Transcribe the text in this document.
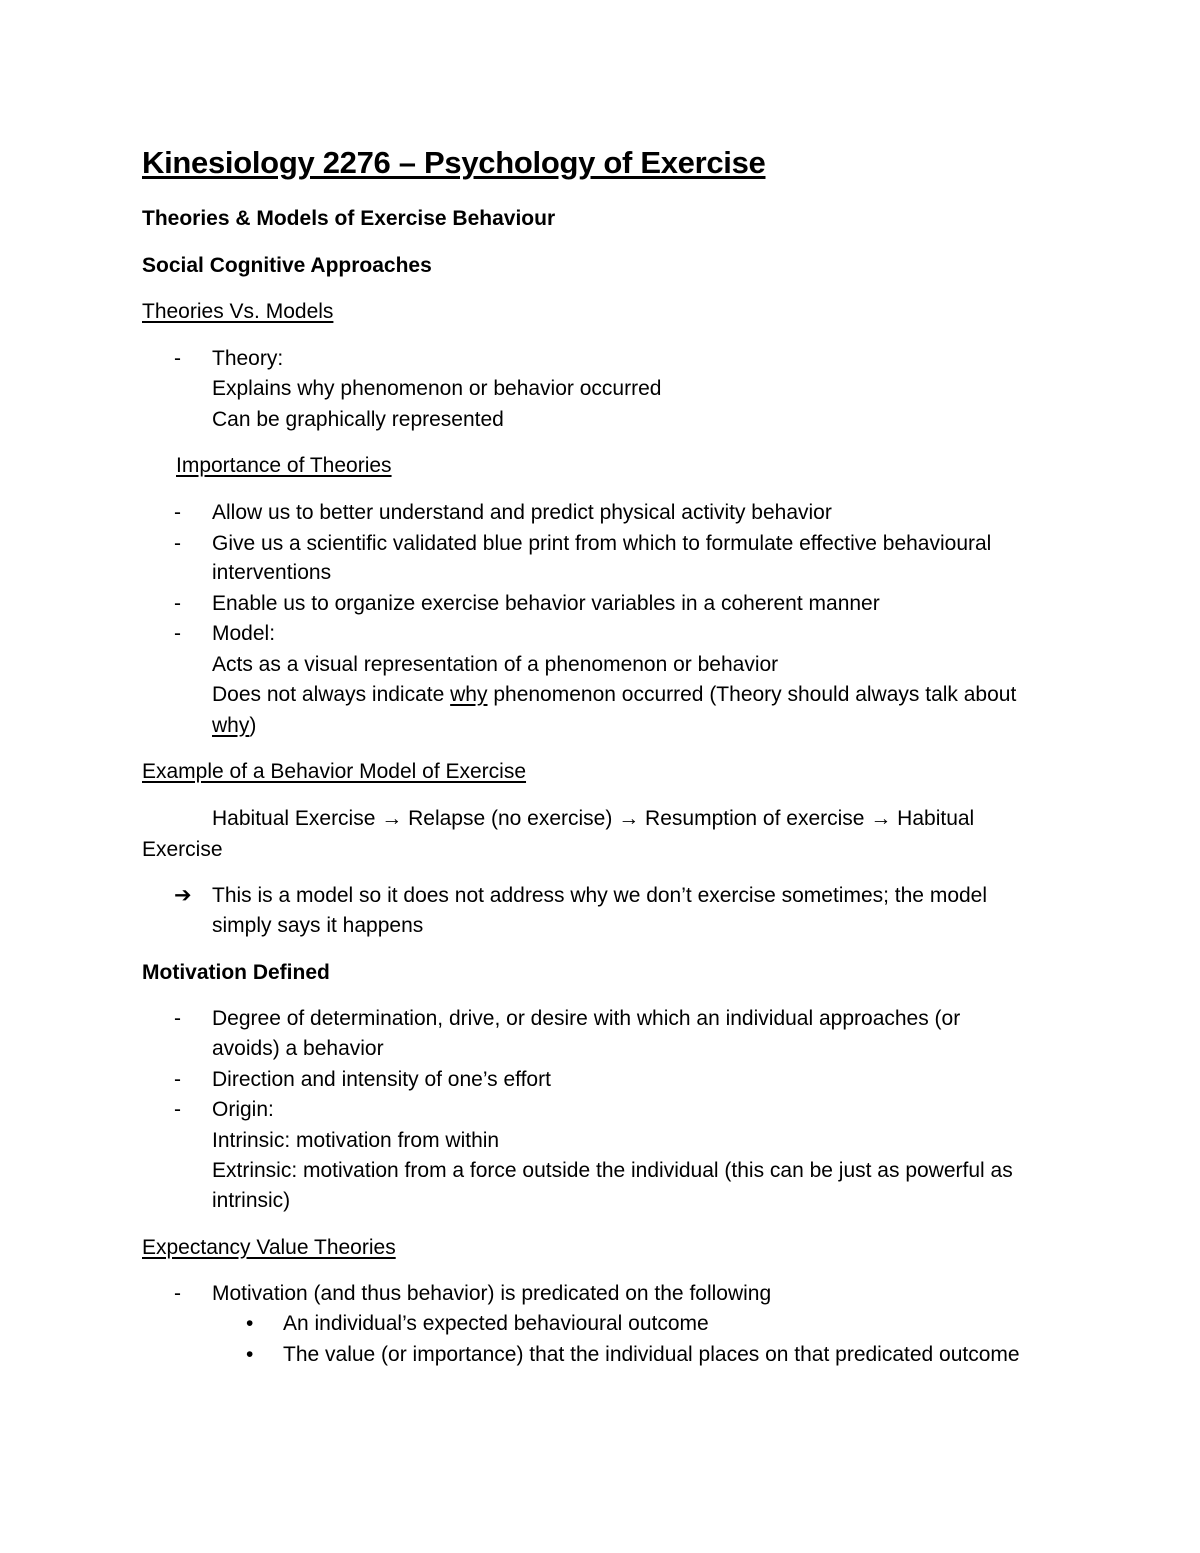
Kinesiology 2276 – Psychology of Exercise
Theories & Models of Exercise Behaviour
Social Cognitive Approaches
Theories Vs. Models
- Theory:
Explains why phenomenon or behavior occurred
Can be graphically represented
Importance of Theories
- Allow us to better understand and predict physical activity behavior
- Give us a scientific validated blue print from which to formulate effective behavioural
interventions
- Enable us to organize exercise behavior variables in a coherent manner
- Model:
Acts as a visual representation of a phenomenon or behavior
Does not always indicate why phenomenon occurred (Theory should always talk about
why)
Example of a Behavior Model of Exercise
Habitual Exercise → Relapse (no exercise) → Resumption of exercise → Habitual
Exercise
➔ This is a model so it does not address why we don’t exercise sometimes; the model
simply says it happens
Motivation Defined
- Degree of determination, drive, or desire with which an individual approaches (or
avoids) a behavior
- Direction and intensity of one’s effort
- Origin:
Intrinsic: motivation from within
Extrinsic: motivation from a force outside the individual (this can be just as powerful as
intrinsic)
Expectancy Value Theories
- Motivation (and thus behavior) is predicated on the following
• An individual’s expected behavioural outcome
• The value (or importance) that the individual places on that predicated outcome
